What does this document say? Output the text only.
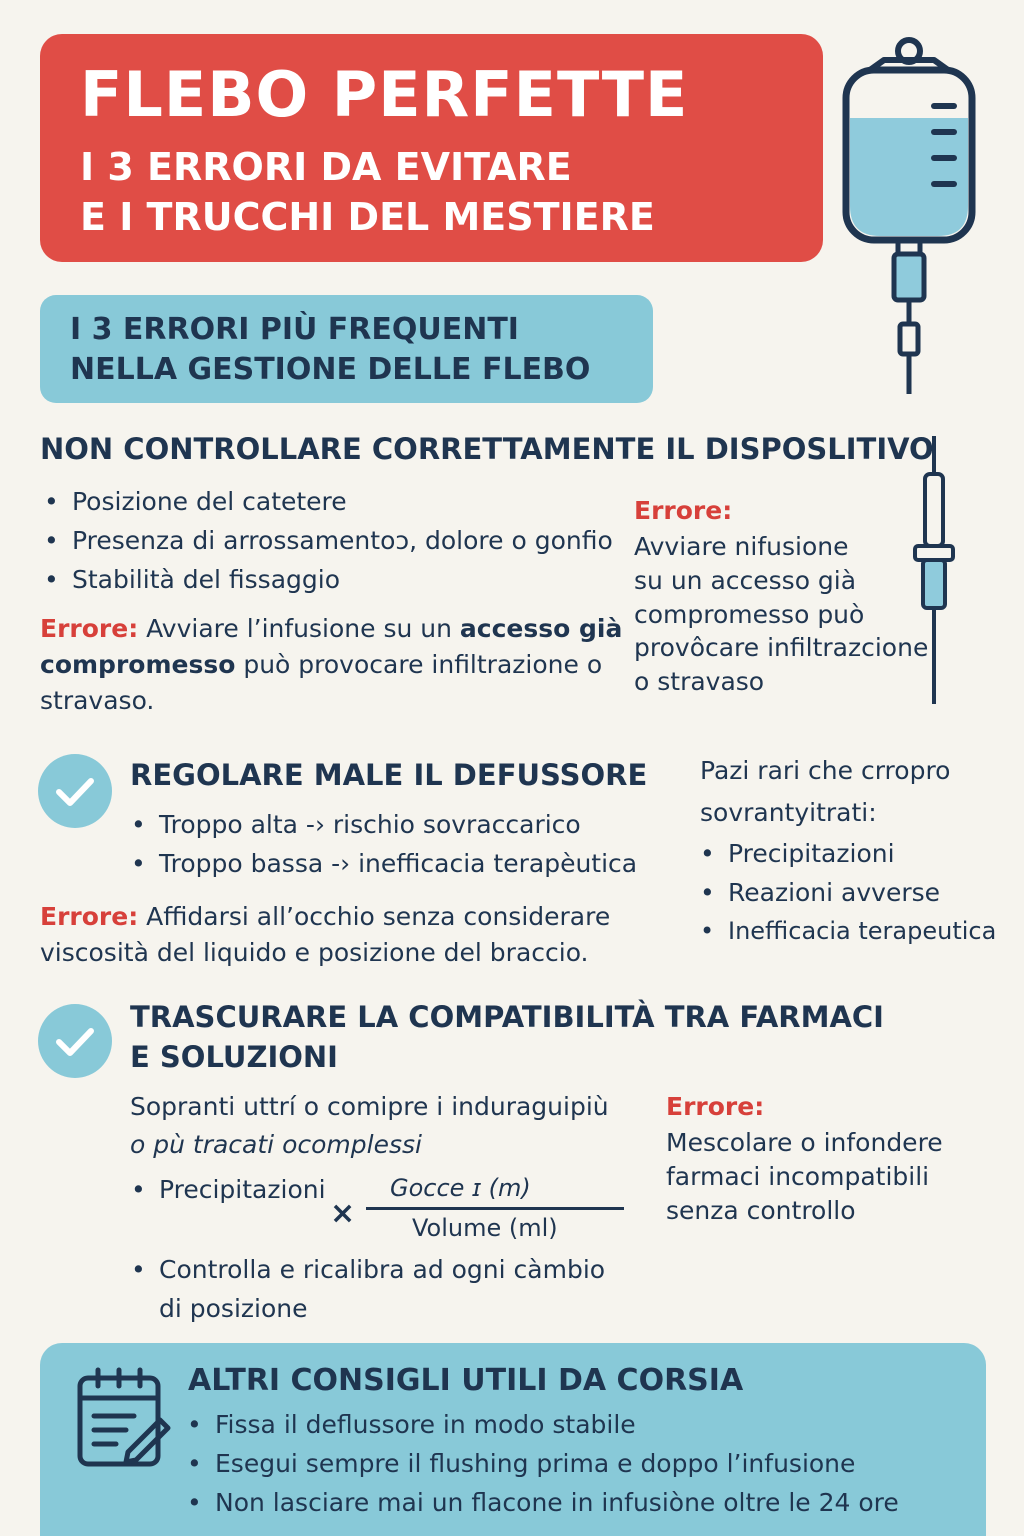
FLEBO PERFETTE
I 3 ERRORI DA EVITARE
E I TRUCCHI DEL MESTIERE
I 3 ERRORI PIÙ FREQUENTI
NELLA GESTIONE DELLE FLEBO
NON CONTROLLARE CORRETTAMENTE IL DISPOSLITIVO
• Posizione del catetere
• Presenza di arrossamentoɔ, dolore o gonfio
• Stabilità del fissaggio
Errore: Avviare l’infusione su un accesso già
compromesso può provocare infiltrazione o
stravaso.
Errore:
Avviare nifusione
su un accesso già
compromesso può
provôcare infiltrazcione
o stravaso
REGOLARE MALE IL DEFUSSORE
• Troppo alta -› rischio sovraccarico
• Troppo bassa -› inefficacia terapèutica
Errore: Affidarsi all’occhio senza considerare
viscosità del liquido e posizione del braccio.
Pazi rari che crropro
sovrantyitrati:
• Precipitazioni
• Reazioni avverse
• Inefficacia terapeutica
TRASCURARE LA COMPATIBILITÀ TRA FARMACI
E SOLUZIONI
Sopranti uttrí o comipre i induraguipiù
o pù tracati ocomplessi
• Precipitazioni
×
Gocce ɪ (m)
Volume (ml)
• Controlla e ricalibra ad ogni càmbio
di posizione
Errore:
Mescolare o infondere
farmaci incompatibili
senza controllo
ALTRI CONSIGLI UTILI DA CORSIA
• Fissa il deflussore in modo stabile
• Esegui sempre il flushing prima e doppo l’infusione
• Non lasciare mai un flacone in infusiòne oltre le 24 ore
